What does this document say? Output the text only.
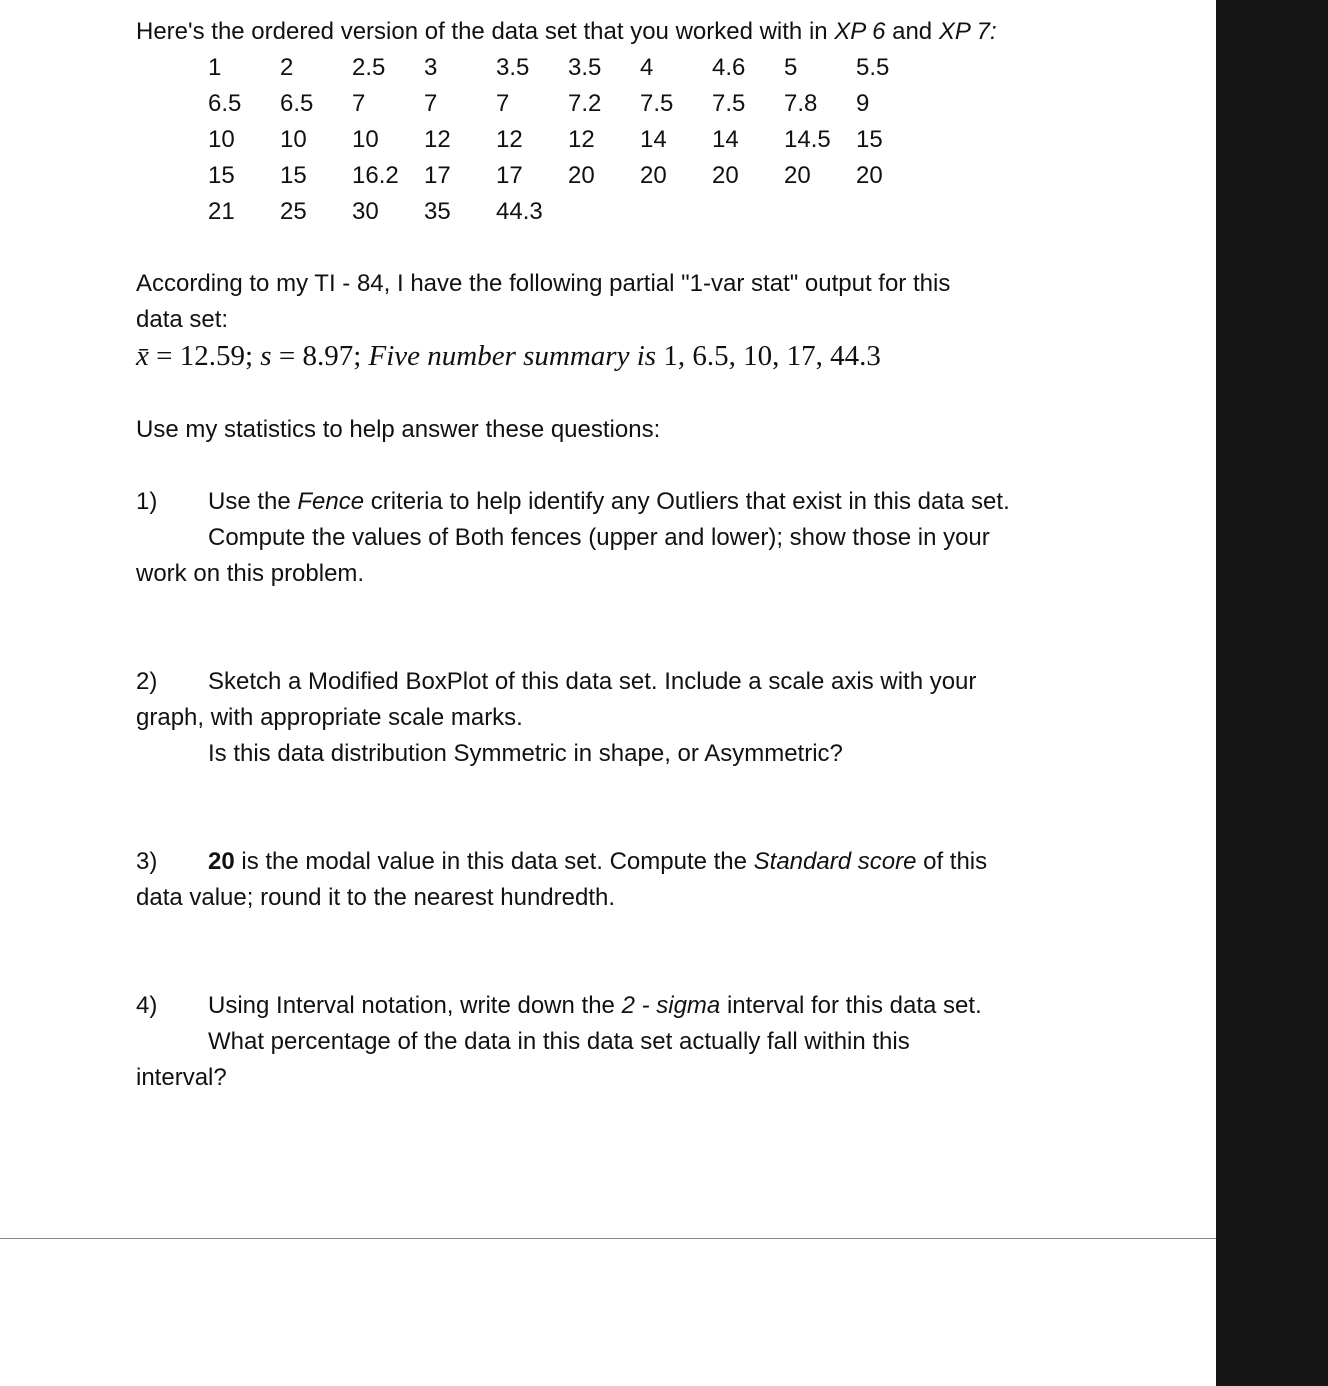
Here's the ordered version of the data set that you worked with in XP 6 and XP 7:
1 2 2.5 3 3.5 3.5 4 4.6 5 5.5
6.5 6.5 7 7 7 7.2 7.5 7.5 7.8 9
10 10 10 12 12 12 14 14 14.5 15
15 15 16.2 17 17 20 20 20 20 20
21 25 30 35 44.3
According to my TI - 84, I have the following partial "1-var stat" output for this
data set:
x̄ = 12.59; s = 8.97; Five number summary is 1, 6.5, 10, 17, 44.3
Use my statistics to help answer these questions:
1) Use the Fence criteria to help identify any Outliers that exist in this data set.
Compute the values of Both fences (upper and lower); show those in your
work on this problem.
2) Sketch a Modified BoxPlot of this data set. Include a scale axis with your
graph, with appropriate scale marks.
Is this data distribution Symmetric in shape, or Asymmetric?
3) 20 is the modal value in this data set. Compute the Standard score of this
data value; round it to the nearest hundredth.
4) Using Interval notation, write down the 2 - sigma interval for this data set.
What percentage of the data in this data set actually fall within this
interval?
